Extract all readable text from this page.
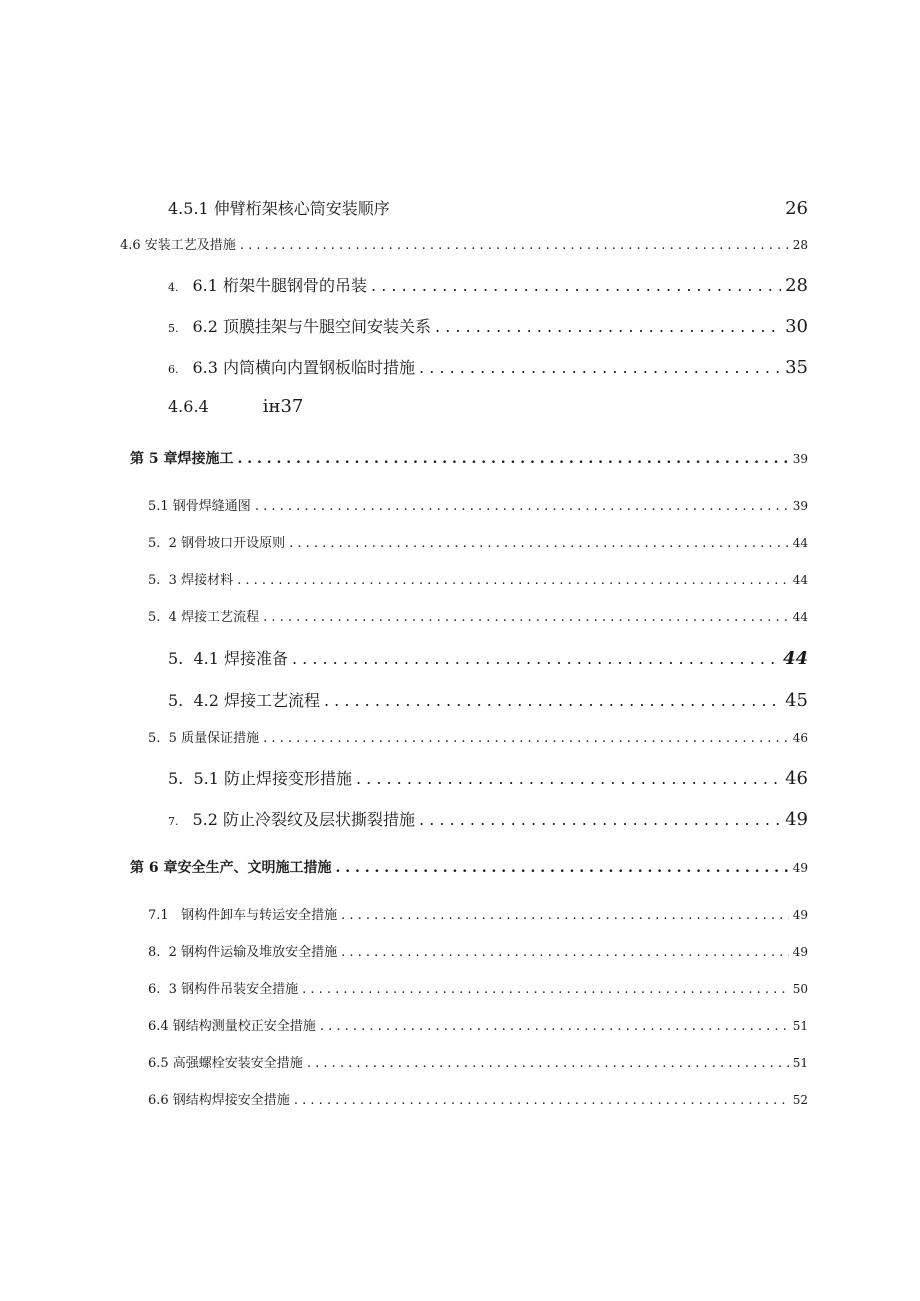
4.5.1 伸臂桁架核心筒安装顺序	26
4.6 安装工艺及措施 . . .	28
4. 6.1 桁架牛腿钢骨的吊装 . . .	28
5. 6.2 顶膜挂架与牛腿空间安装关系 . . .	30
6. 6.3 内筒横向内置钢板临时措施 . . .	35
4.6.4	iн37
第 5 章焊接施工 . . .	39
5.1 钢骨焊缝通图 . . .	39
5.  2 钢骨坡口开设原则 . . .	44
5.  3 焊接材料 . . .	44
5.  4 焊接工艺流程 . . .	44
5.  4.1 焊接准备 . . .	44
5.  4.2 焊接工艺流程 . . .	45
5.  5 质量保证措施 . . .	46
5.  5.1 防止焊接变形措施 . . .	46
7. 5.2 防止冷裂纹及层状撕裂措施 . . .	49
第 6 章安全生产、文明施工措施 . . .	49
7.1   钢构件卸车与转运安全措施 . . .	49
8.  2 钢构件运输及堆放安全措施 . . .	49
6.  3 钢构件吊装安全措施 . . .	50
6.4 钢结构测量校正安全措施 . . .	51
6.5 高强螺栓安装安全措施 . . .	51
6.6 钢结构焊接安全措施 . . .	52
